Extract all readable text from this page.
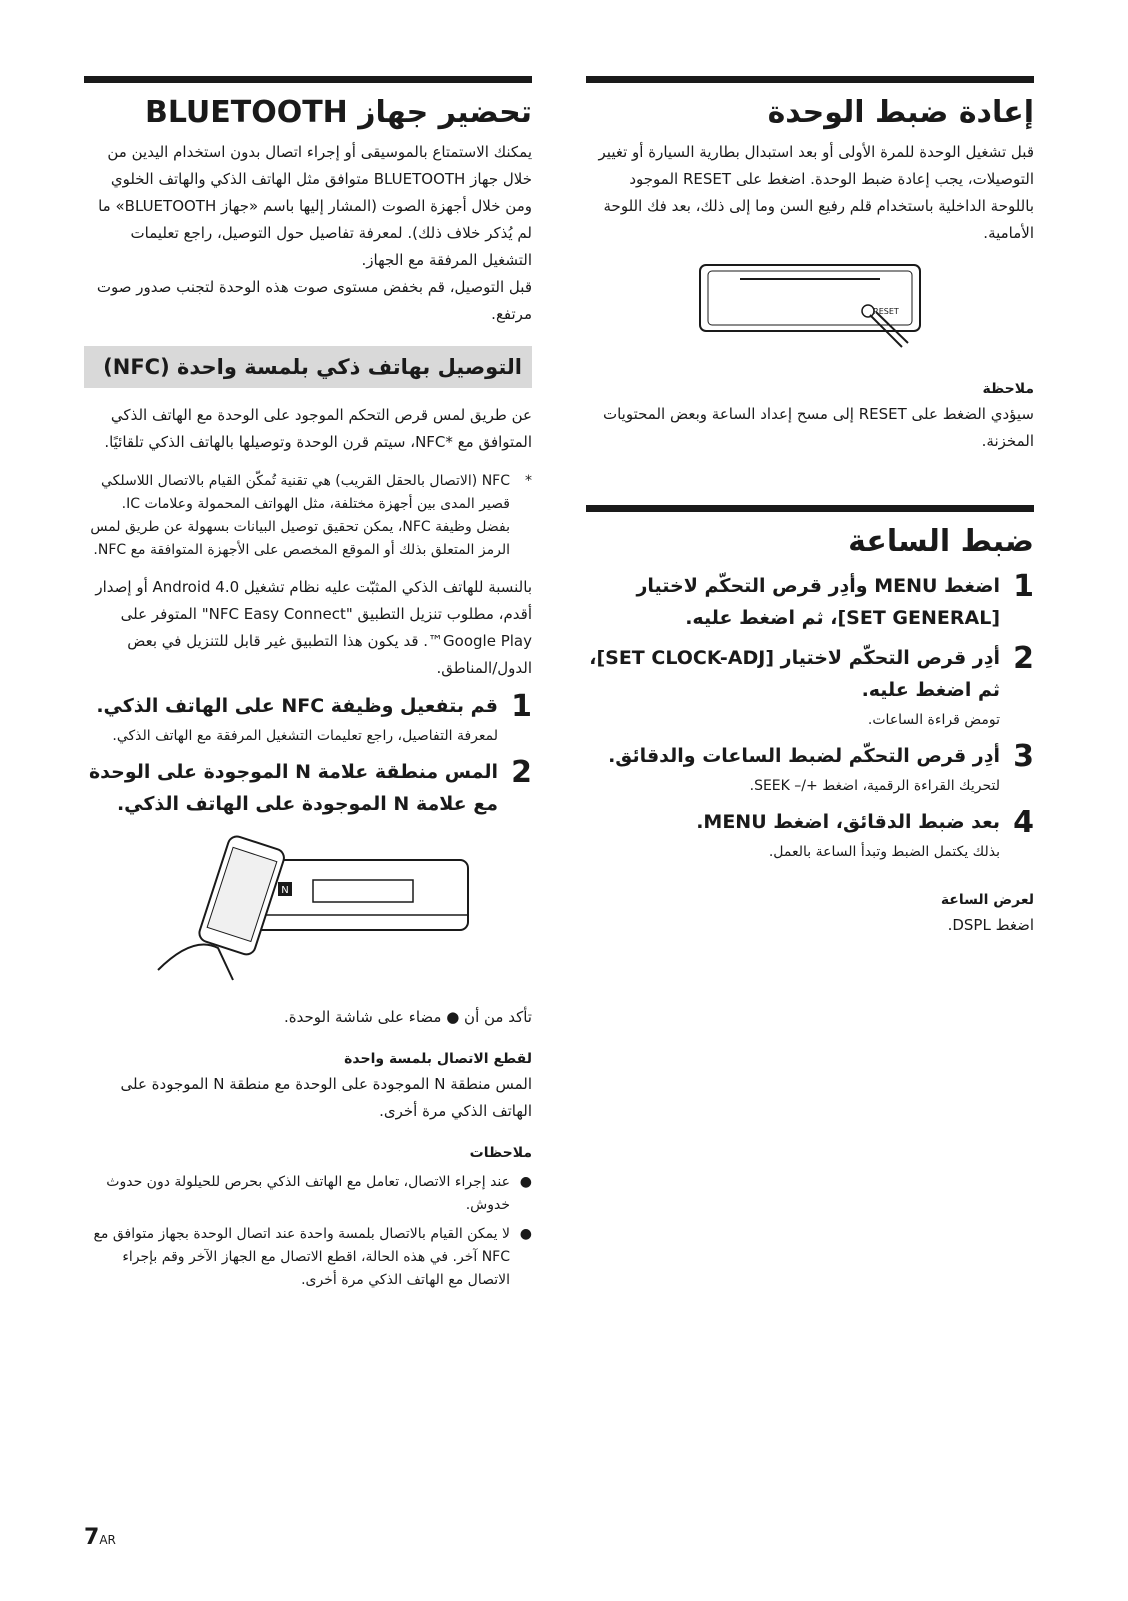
تحضير جهاز BLUETOOTH

يمكنك الاستمتاع بالموسيقى أو إجراء اتصال بدون استخدام اليدين من خلال جهاز BLUETOOTH متوافق مثل الهاتف الذكي والهاتف الخلوي ومن خلال أجهزة الصوت (المشار إليها باسم «جهاز BLUETOOTH» ما لم يُذكر خلاف ذلك). لمعرفة تفاصيل حول التوصيل، راجع تعليمات التشغيل المرفقة مع الجهاز.

قبل التوصيل، قم بخفض مستوى صوت هذه الوحدة لتجنب صدور صوت مرتفع.

التوصيل بهاتف ذكي بلمسة واحدة (NFC)

عن طريق لمس قرص التحكم الموجود على الوحدة مع الهاتف الذكي المتوافق مع *NFC، سيتم قرن الوحدة وتوصيلها بالهاتف الذكي تلقائيًا.

*
NFC (الاتصال بالحقل القريب) هي تقنية تُمكّن القيام بالاتصال اللاسلكي قصير المدى بين أجهزة مختلفة، مثل الهواتف المحمولة وعلامات IC. بفضل وظيفة NFC، يمكن تحقيق توصيل البيانات بسهولة عن طريق لمس الرمز المتعلق بذلك أو الموقع المخصص على الأجهزة المتوافقة مع NFC.

بالنسبة للهاتف الذكي المثبّت عليه نظام تشغيل Android 4.0 أو إصدار أقدم، مطلوب تنزيل التطبيق "NFC Easy Connect" المتوفر على Google Play™. قد يكون هذا التطبيق غير قابل للتنزيل في بعض الدول/المناطق.

1
قم بتفعيل وظيفة NFC على الهاتف الذكي.
لمعرفة التفاصيل، راجع تعليمات التشغيل المرفقة مع الهاتف الذكي.
2
المس منطقة علامة N الموجودة على الوحدة مع علامة N الموجودة على الهاتف الذكي.
N

تأكد من أن ● مضاء على شاشة الوحدة.

لقطع الاتصال بلمسة واحدة

المس منطقة N الموجودة على الوحدة مع منطقة N الموجودة على الهاتف الذكي مرة أخرى.

ملاحظات
●
عند إجراء الاتصال، تعامل مع الهاتف الذكي بحرص للحيلولة دون حدوث خدوش.
●
لا يمكن القيام بالاتصال بلمسة واحدة عند اتصال الوحدة بجهاز متوافق مع NFC آخر. في هذه الحالة، اقطع الاتصال مع الجهاز الآخر وقم بإجراء الاتصال مع الهاتف الذكي مرة أخرى.
إعادة ضبط الوحدة

قبل تشغيل الوحدة للمرة الأولى أو بعد استبدال بطارية السيارة أو تغيير التوصيلات، يجب إعادة ضبط الوحدة. اضغط على RESET الموجود باللوحة الداخلية باستخدام قلم رفيع السن وما إلى ذلك، بعد فك اللوحة الأمامية.

RESET
ملاحظة

سيؤدي الضغط على RESET إلى مسح إعداد الساعة وبعض المحتويات المخزنة.

ضبط الساعة
1
اضغط MENU وأدِر قرص التحكّم لاختيار [SET GENERAL]، ثم اضغط عليه.
2
أدِر قرص التحكّم لاختيار [SET CLOCK-ADJ]، ثم اضغط عليه.
تومض قراءة الساعات.
3
أدِر قرص التحكّم لضبط الساعات والدقائق.
لتحريك القراءة الرقمية، اضغط +/– SEEK.
4
بعد ضبط الدقائق، اضغط MENU.
بذلك يكتمل الضبط وتبدأ الساعة بالعمل.
لعرض الساعة

اضغط DSPL.

7AR
